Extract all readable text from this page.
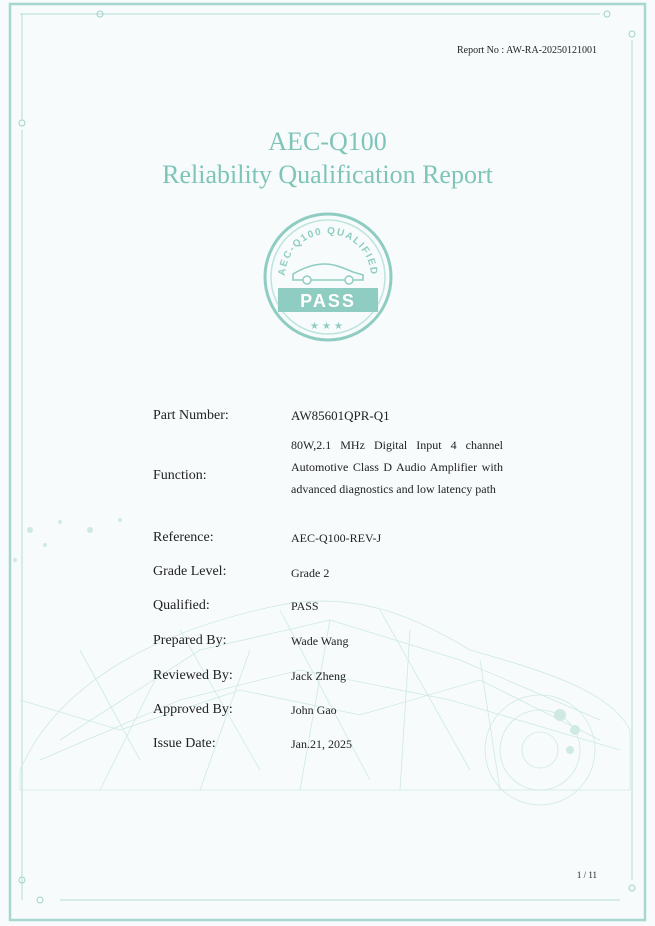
Report No : AW-RA-20250121001
AEC-Q100
Reliability Qualification Report
AEC-Q100 QUALIFIED
PASS
★★★
Part Number:	AW85601QPR-Q1
Function:
80W,2.1 MHz Digital Input 4 channel Automotive Class D Audio Amplifier with advanced diagnostics and low latency path
Reference:	AEC-Q100-REV-J
Grade Level:	Grade 2
Qualified:	PASS
Prepared By:	Wade Wang
Reviewed By:	Jack Zheng
Approved By:	John Gao
Issue Date:	Jan.21, 2025
1 / 11
